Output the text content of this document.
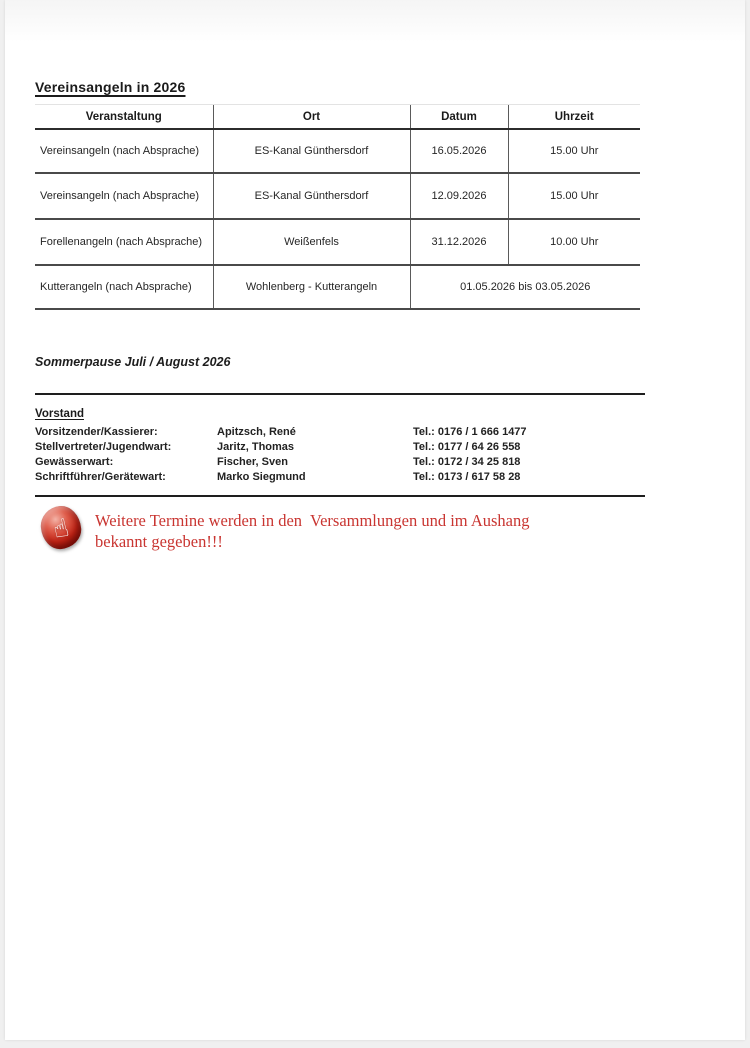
Vereinsangeln in 2026
Veranstaltung	Ort	Datum	Uhrzeit
Vereinsangeln (nach Absprache)	ES-Kanal Günthersdorf	16.05.2026	15.00 Uhr
Vereinsangeln (nach Absprache)	ES-Kanal Günthersdorf	12.09.2026	15.00 Uhr
Forellenangeln (nach Absprache)	Weißenfels	31.12.2026	10.00 Uhr
Kutterangeln (nach Absprache)	Wohlenberg - Kutterangeln	01.05.2026 bis 03.05.2026	
Sommerpause Juli / August 2026
Vorstand
Vorsitzender/Kassierer:	Apitzsch, René	Tel.: 0176 / 1 666 1477
Stellvertreter/Jugendwart:	Jaritz, Thomas	Tel.: 0177 / 64 26 558
Gewässerwart:	Fischer, Sven	Tel.: 0172 / 34 25 818
Schriftführer/Gerätewart:	Marko Siegmund	Tel.: 0173 / 617 58 28
☝ Weitere Termine werden in den  Versammlungen und im Aushang
bekannt gegeben!!!
